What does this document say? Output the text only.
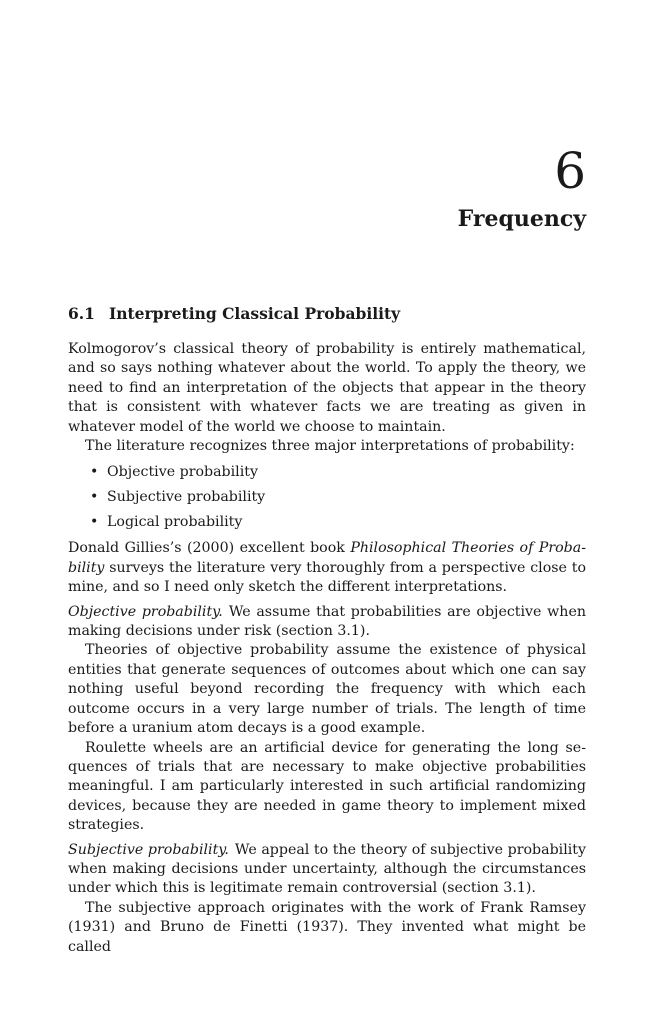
6
Frequency
6.1 Interpreting Classical Probability

Kolmogorov’s classical theory of probability is entirely mathematical, and so says nothing whatever about the world. To apply the theory, we need to find an interpretation of the objects that appear in the theory that is consistent with whatever facts we are treating as given in whatever model of the world we choose to maintain.

The literature recognizes three major interpretations of probability:

• Objective probability
• Subjective probability
• Logical probability

Donald Gillies’s (2000) excellent book Philosophical Theories of Probability surveys the literature very thoroughly from a perspective close to mine, and so I need only sketch the different interpretations.

Objective probability. We assume that probabilities are objective when making decisions under risk (section 3.1).

Theories of objective probability assume the existence of physical entities that generate sequences of outcomes about which one can say nothing useful beyond recording the frequency with which each outcome occurs in a very large number of trials. The length of time before a uranium atom decays is a good example.

Roulette wheels are an artificial device for generating the long sequences of trials that are necessary to make objective probabilities meaningful. I am particularly interested in such artificial randomizing devices, because they are needed in game theory to implement mixed strategies.

Subjective probability. We appeal to the theory of subjective probability when making decisions under uncertainty, although the circumstances under which this is legitimate remain controversial (section 3.1).

The subjective approach originates with the work of Frank Ramsey (1931) and Bruno de Finetti (1937). They invented what might be called
